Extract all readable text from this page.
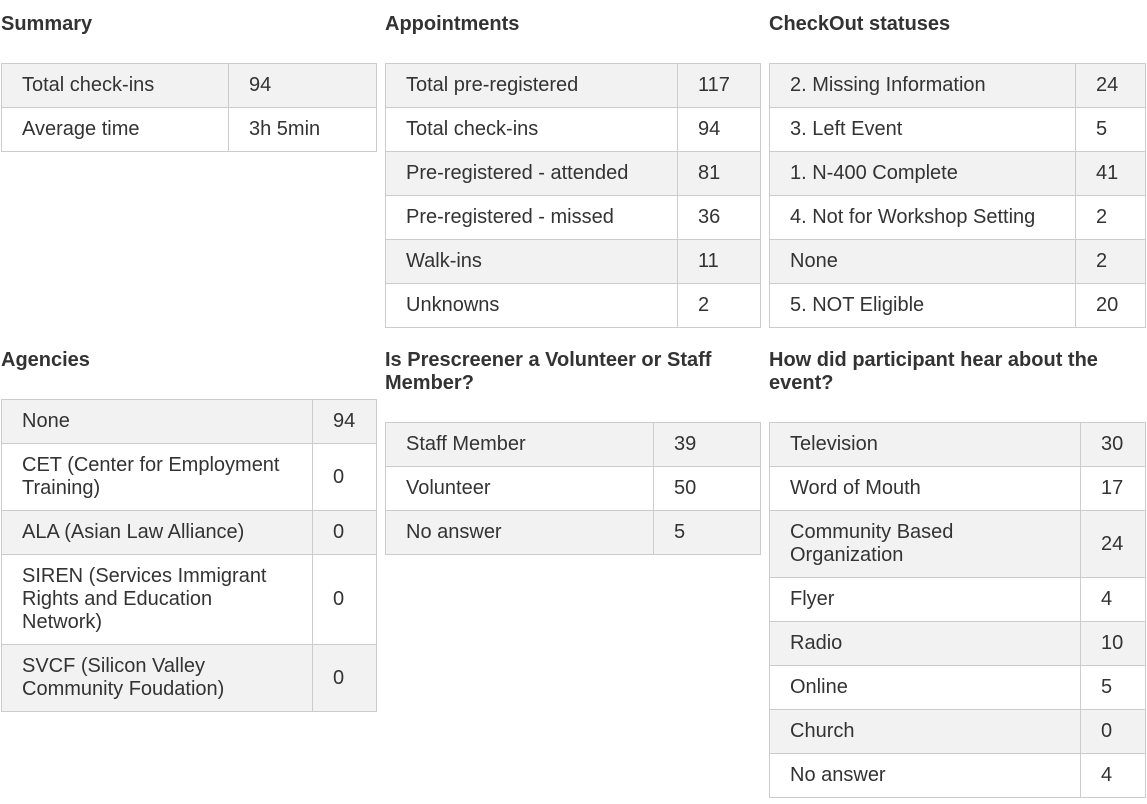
Summary
Total check-ins	94
Average time	3h 5min
Appointments
Total pre-registered	117
Total check-ins	94
Pre-registered - attended	81
Pre-registered - missed	36
Walk-ins	11
Unknowns	2
CheckOut statuses
2. Missing Information	24
3. Left Event	5
1. N-400 Complete	41
4. Not for Workshop Setting	2
None	2
5. NOT Eligible	20
Agencies
None	94
CET (Center for Employment Training)	0
ALA (Asian Law Alliance)	0
SIREN (Services Immigrant Rights and Education Network)	0
SVCF (Silicon Valley Community Foudation)	0
Is Prescreener a Volunteer or Staff Member?
Staff Member	39
Volunteer	50
No answer	5
How did participant hear about the event?
Television	30
Word of Mouth	17
Community Based Organization	24
Flyer	4
Radio	10
Online	5
Church	0
No answer	4
